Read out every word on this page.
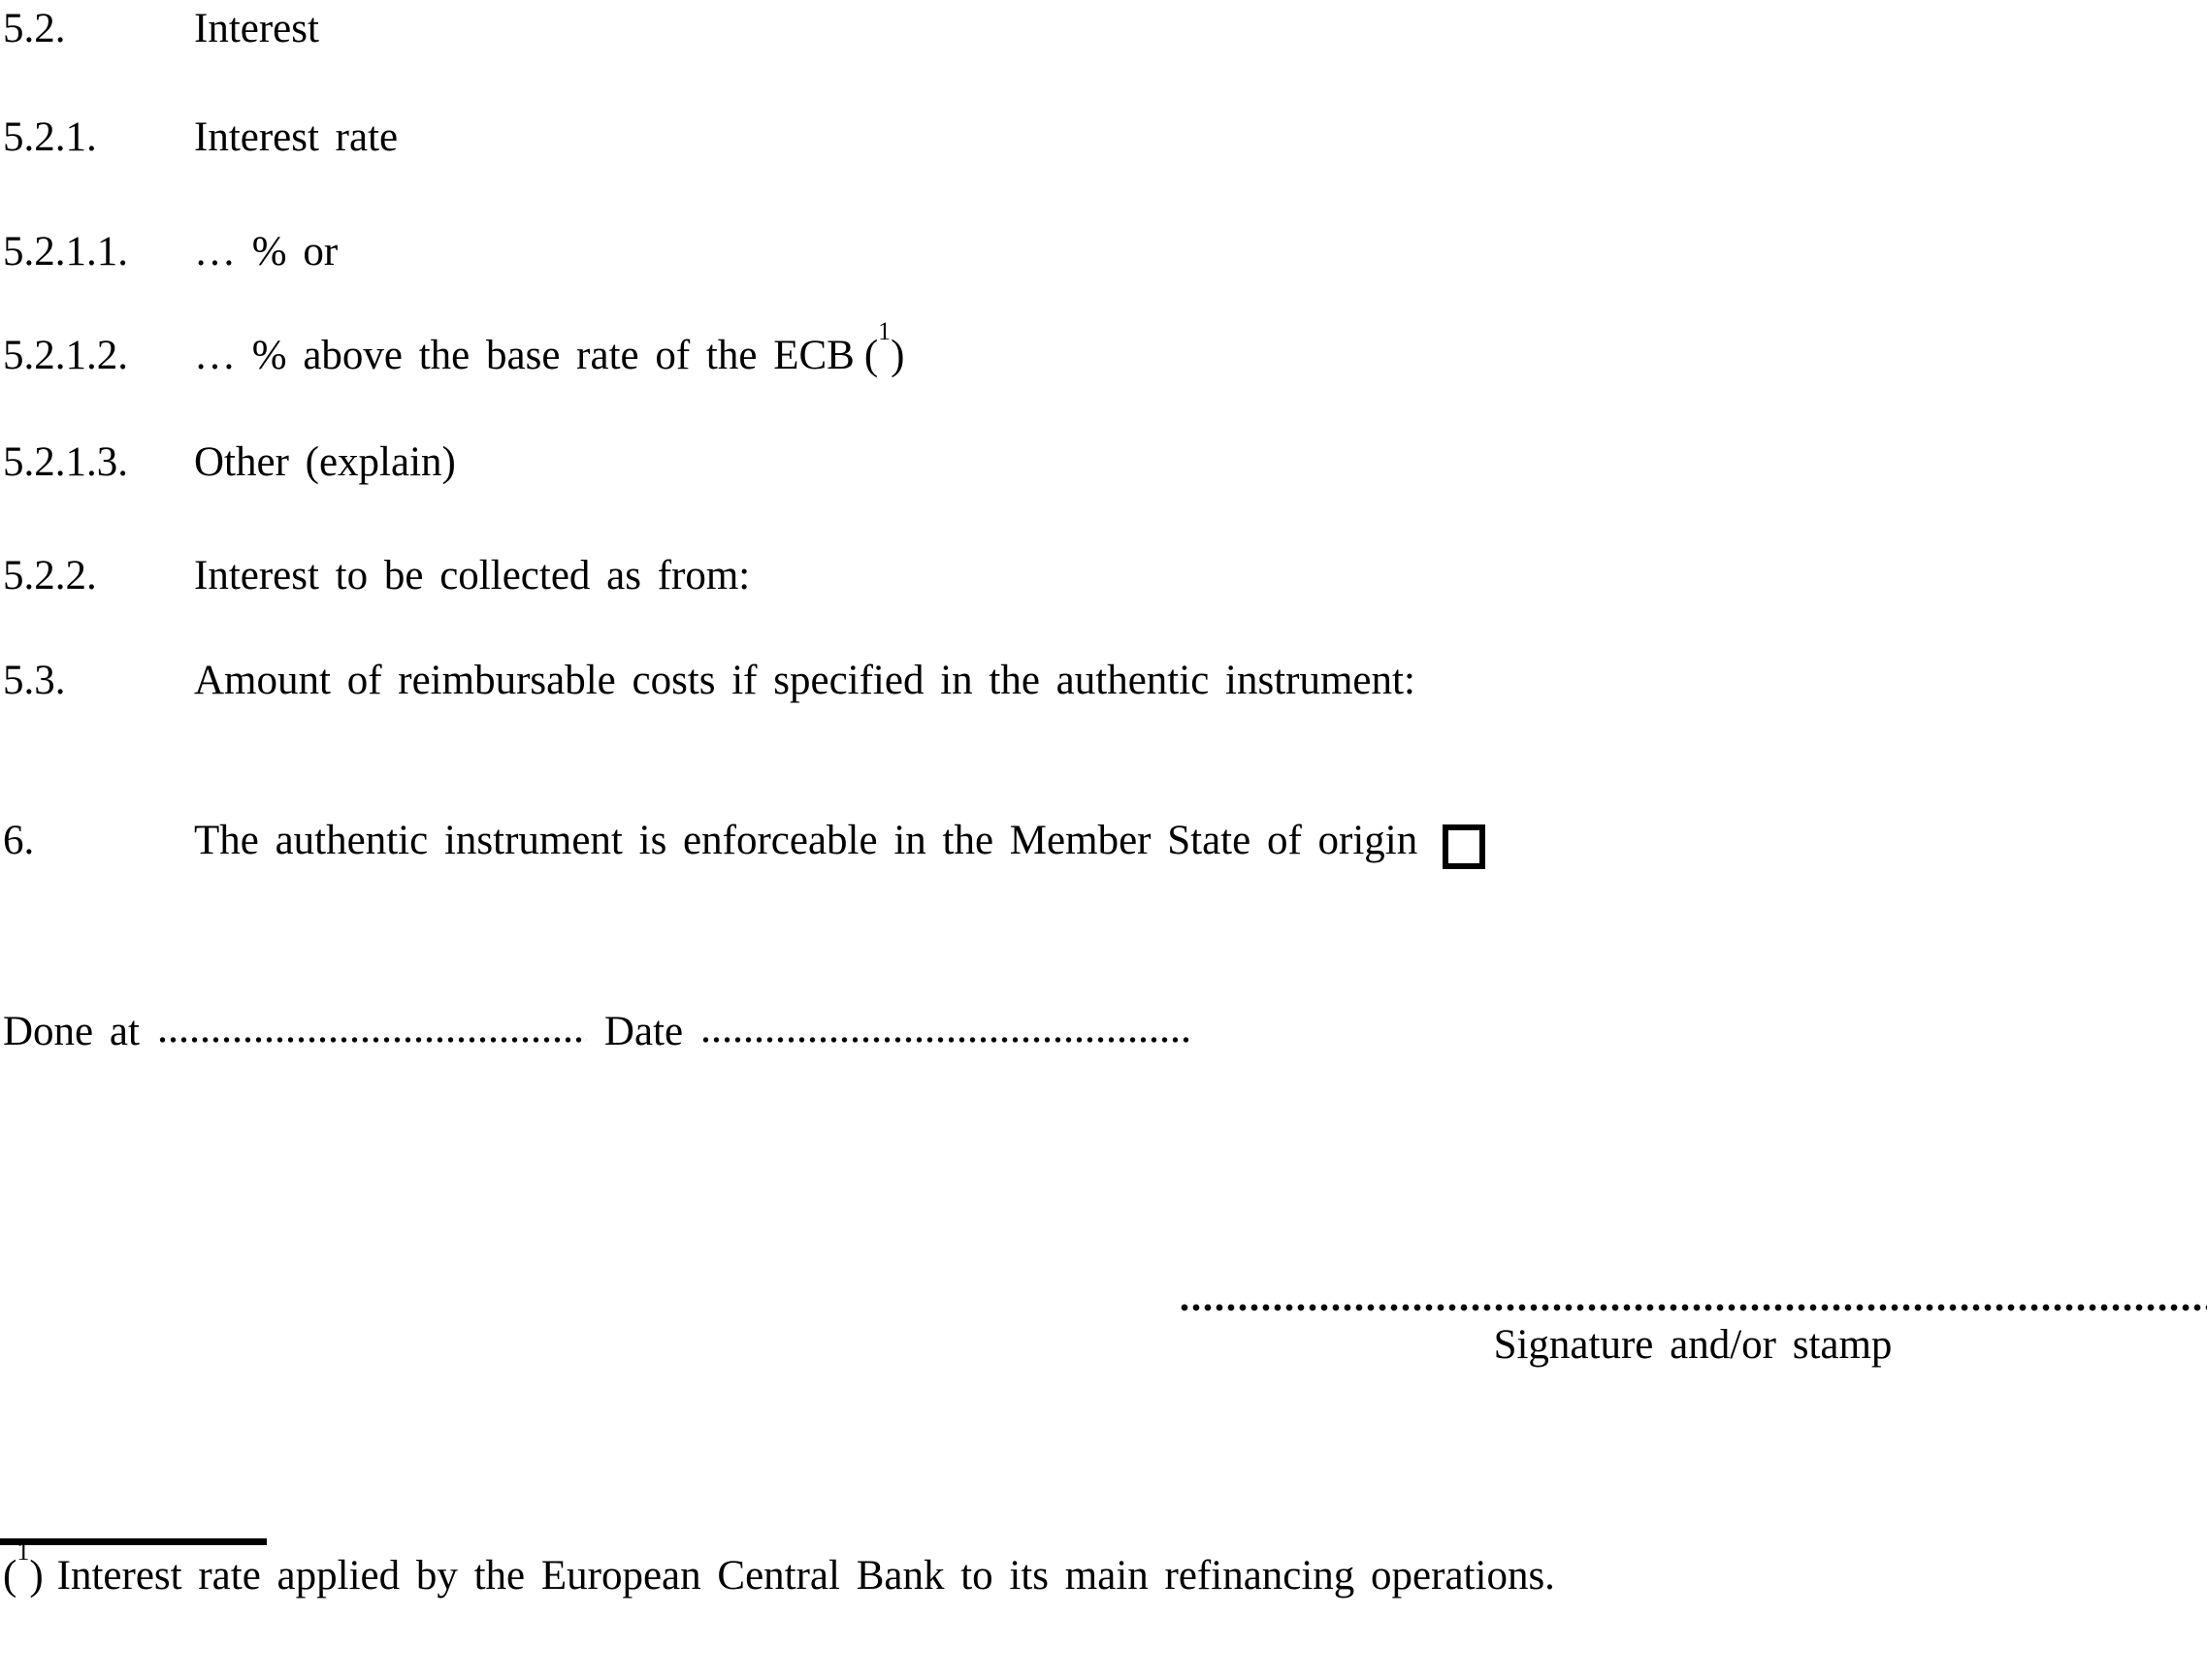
5.2.	Interest
5.2.1. Interest rate
5.2.1.1. … % or
5.2.1.2. … % above the base rate of the ECB ($^1$)
5.2.1.3. Other (explain)
5.2.2. Interest to be collected as from:
5.3.	Amount of reimbursable costs if specified in the authentic instrument:
6.	The authentic instrument is enforceable in the Member State of origin
Done at	Date
Signature and/or stamp
($^1$) Interest rate applied by the European Central Bank to its main refinancing operations.
